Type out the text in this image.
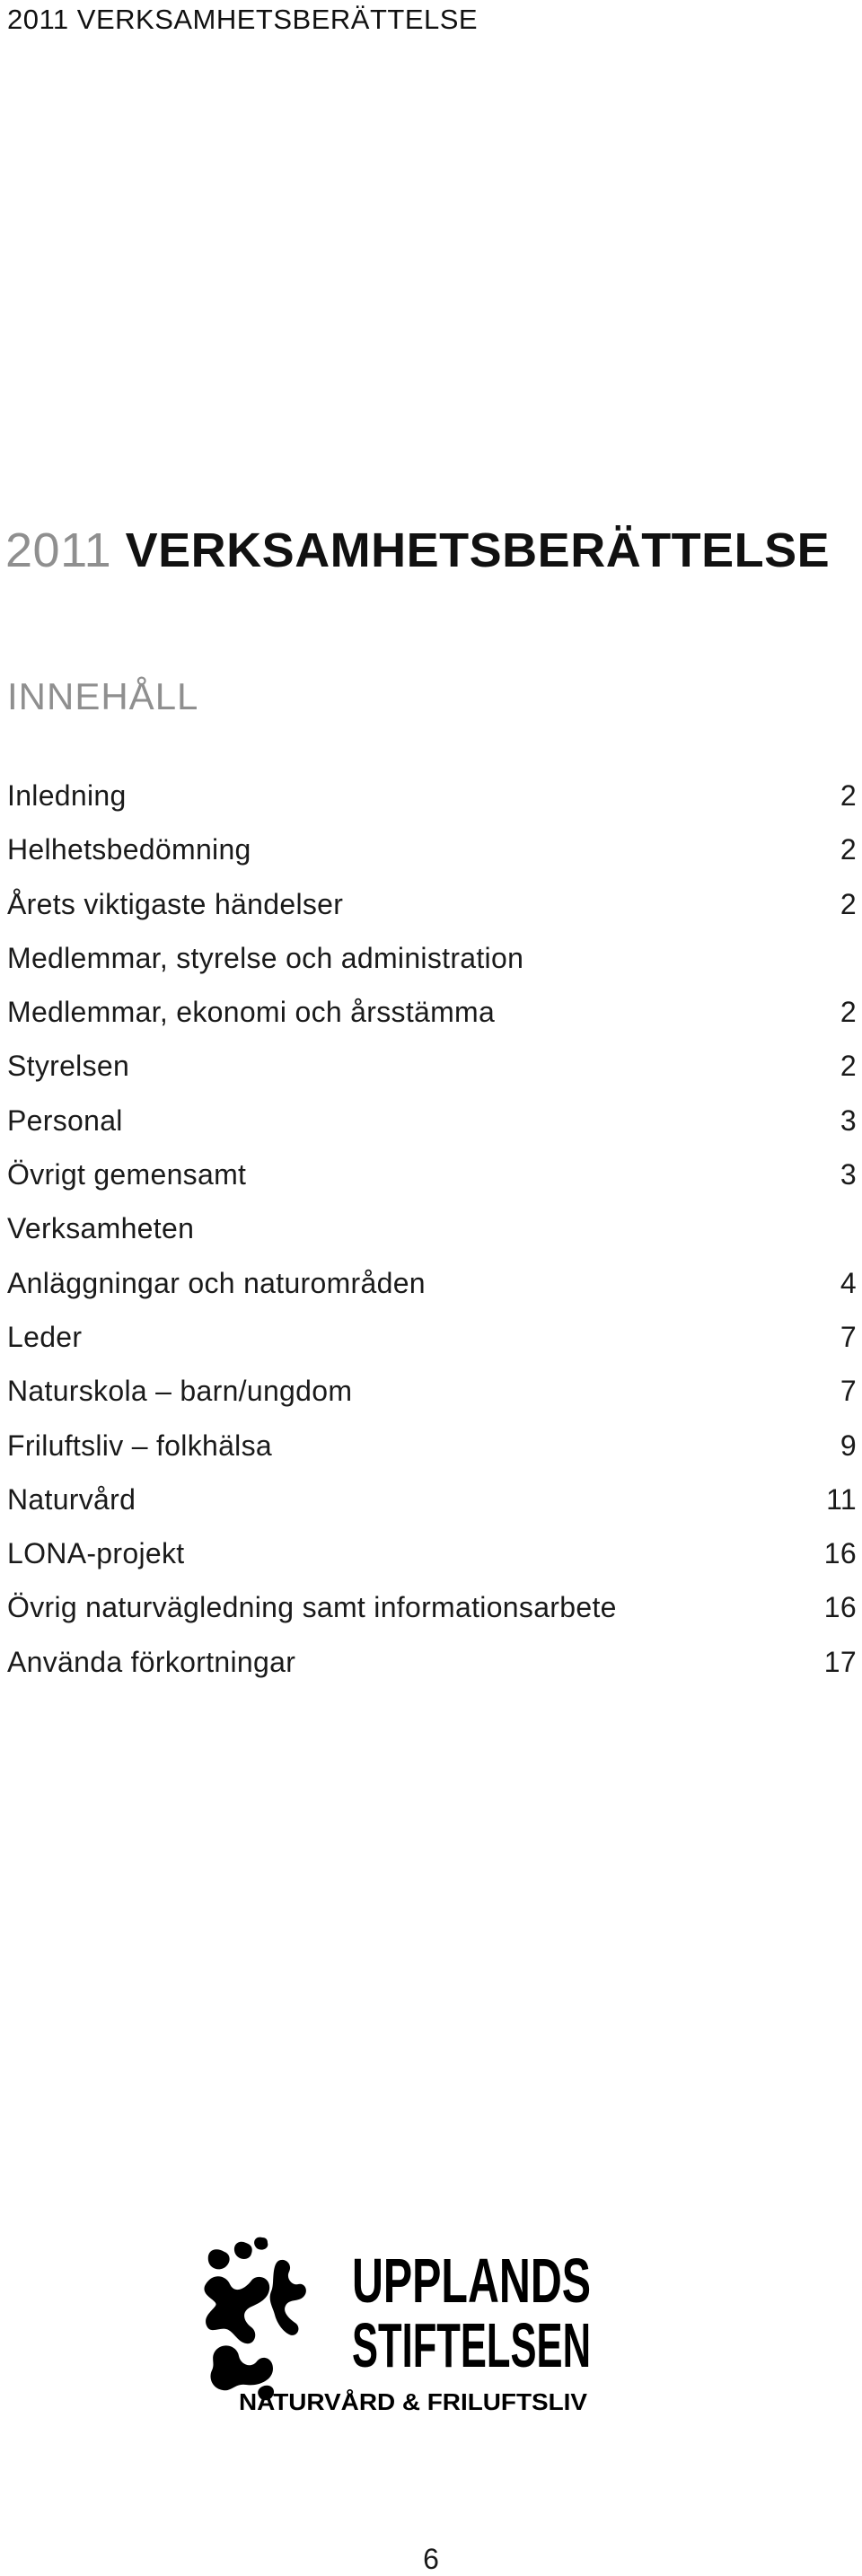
2011 VERKSAMHETSBERÄTTELSE
2011 VERKSAMHETSBERÄTTELSE
INNEHÅLL
Inledning	2
Helhetsbedömning	2
Årets viktigaste händelser	2
Medlemmar, styrelse och administration
Medlemmar, ekonomi och årsstämma	2
Styrelsen	2
Personal	3
Övrigt gemensamt	3
Verksamheten
Anläggningar och naturområden	4
Leder	7
Naturskola – barn/ungdom	7
Friluftsliv – folkhälsa	9
Naturvård	11
LONA-projekt	16
Övrig naturvägledning samt informationsarbete	16
Använda förkortningar	17
UPPLANDS
STIFTELSEN
NATURVÅRD & FRILUFTSLIV
6
